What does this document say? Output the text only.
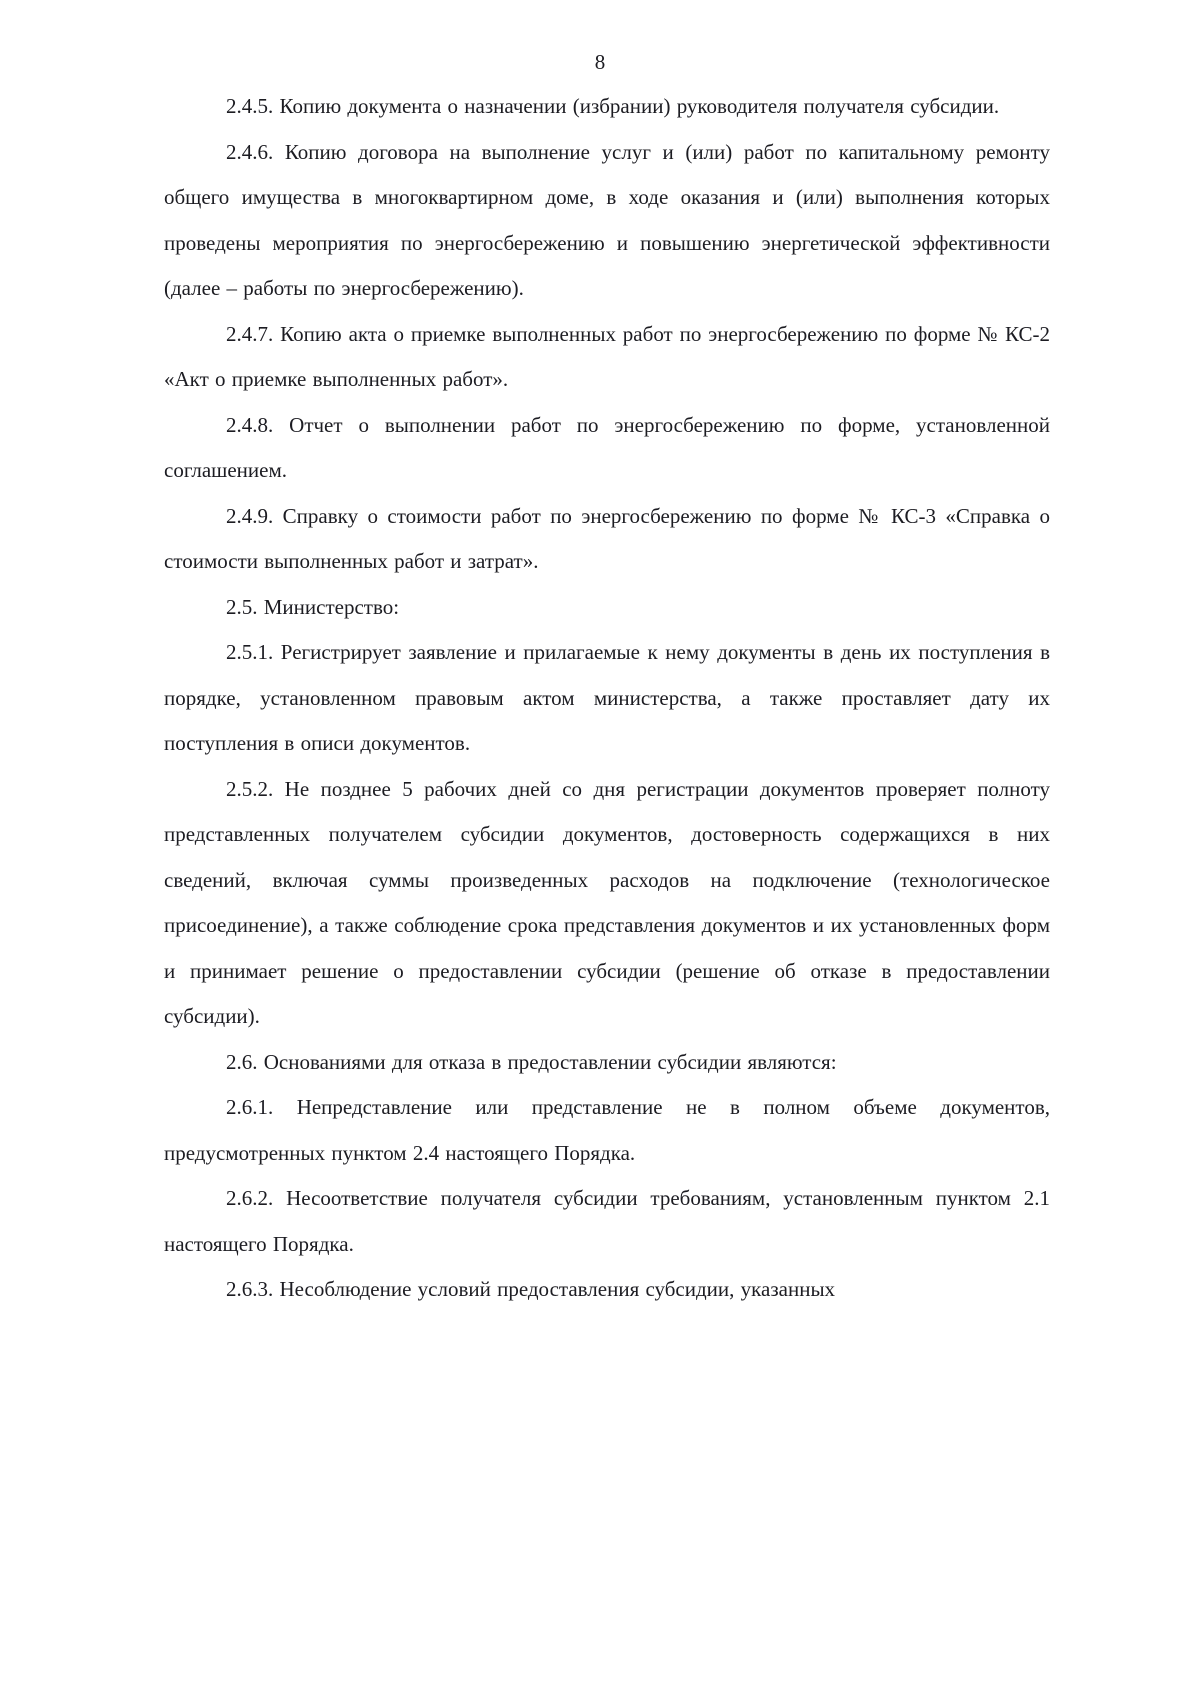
8

2.4.5. Копию документа о назначении (избрании) руководителя получателя субсидии.

2.4.6. Копию договора на выполнение услуг и (или) работ по капитальному ремонту общего имущества в многоквартирном доме, в ходе оказания и (или) выполнения которых проведены мероприятия по энергосбережению и повышению энергетической эффективности (далее – работы по энергосбережению).

2.4.7. Копию акта о приемке выполненных работ по энергосбережению по форме № КС-2 «Акт о приемке выполненных работ».

2.4.8. Отчет о выполнении работ по энергосбережению по форме, установленной соглашением.

2.4.9. Справку о стоимости работ по энергосбережению по форме № КС-3 «Справка о стоимости выполненных работ и затрат».

2.5. Министерство:

2.5.1. Регистрирует заявление и прилагаемые к нему документы в день их поступления в порядке, установленном правовым актом министерства, а также проставляет дату их поступления в описи документов.

2.5.2. Не позднее 5 рабочих дней со дня регистрации документов проверяет полноту представленных получателем субсидии документов, достоверность содержащихся в них сведений, включая суммы произведенных расходов на подключение (технологическое присоединение), а также соблюдение срока представления документов и их установленных форм и принимает решение о предоставлении субсидии (решение об отказе в предоставлении субсидии).

2.6. Основаниями для отказа в предоставлении субсидии являются:

2.6.1. Непредставление или представление не в полном объеме документов, предусмотренных пунктом 2.4 настоящего Порядка.

2.6.2. Несоответствие получателя субсидии требованиям, установленным пунктом 2.1 настоящего Порядка.

2.6.3. Несоблюдение условий предоставления субсидии, указанных
